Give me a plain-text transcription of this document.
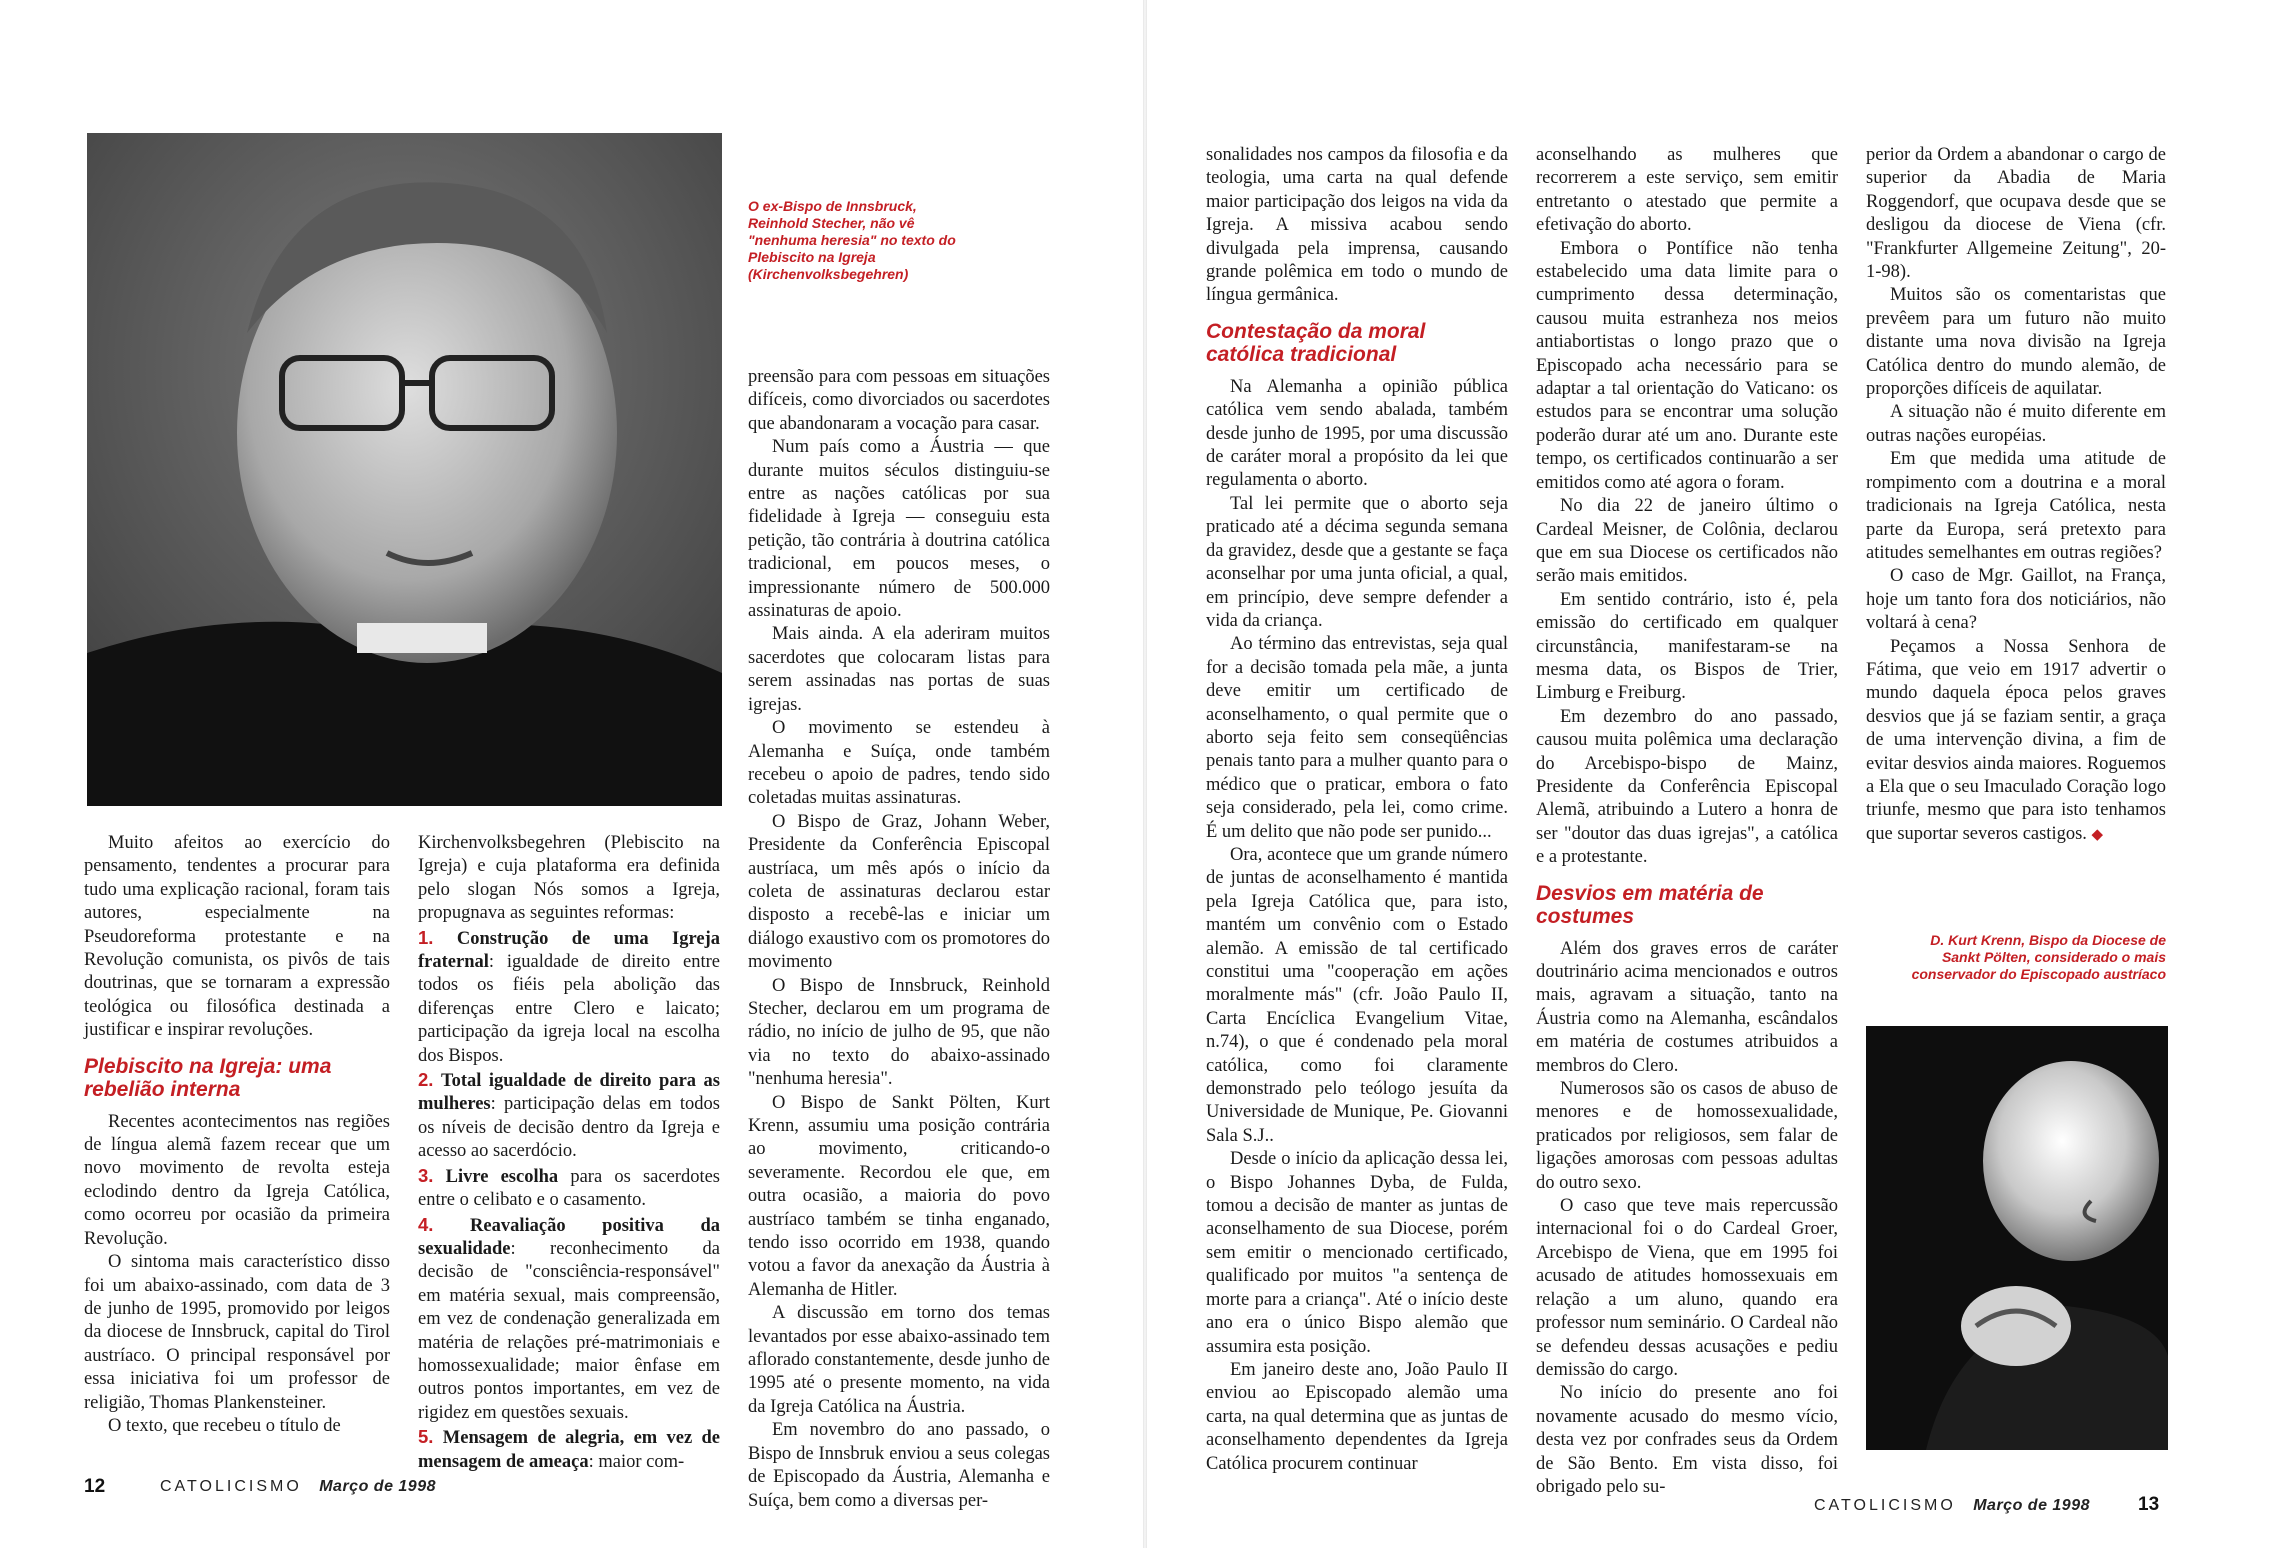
O ex-Bispo de Innsbruck, Reinhold Stecher, não vê "nenhuma heresia" no texto do Plebiscito na Igreja (Kirchenvolksbegehren)

Muito afeitos ao exercício do pensamento, tendentes a procurar para tudo uma explicação racional, foram tais autores, especialmente na Pseudoreforma protestante e na Revolução comunista, os pivôs de tais doutrinas, que se tornaram a expressão teológica ou filosófica destinada a justificar e inspirar revoluções.

Plebiscito na Igreja: uma rebelião interna

Recentes acontecimentos nas regiões de língua alemã fazem recear que um novo movimento de revolta esteja eclodindo dentro da Igreja Católica, como ocorreu por ocasião da primeira Revolução.

O sintoma mais característico disso foi um abaixo-assinado, com data de 3 de junho de 1995, promovido por leigos da diocese de Innsbruck, capital do Tirol austríaco. O principal responsável por essa iniciativa foi um professor de religião, Thomas Plankensteiner.

O texto, que recebeu o título de

Kirchenvolksbegehren (Plebiscito na Igreja) e cuja plataforma era definida pelo slogan Nós somos a Igreja, propugnava as seguintes reformas:

1. Construção de uma Igreja fraternal: igualdade de direito entre todos os fiéis pela abolição das diferenças entre Clero e laicato; participação da igreja local na escolha dos Bispos.

2. Total igualdade de direito para as mulheres: participação delas em todos os níveis de decisão dentro da Igreja e acesso ao sacerdócio.

3. Livre escolha para os sacerdotes entre o celibato e o casamento.

4. Reavaliação positiva da sexualidade: reconhecimento da decisão de "consciência-responsável" em matéria sexual, mais compreensão, em vez de condenação generalizada em matéria de relações pré-matrimoniais e homossexualidade; maior ênfase em outros pontos importantes, em vez de rigidez em questões sexuais.

5. Mensagem de alegria, em vez de mensagem de ameaça: maior com-

preensão para com pessoas em situações difíceis, como divorciados ou sacerdotes que abandonaram a vocação para casar.

Num país como a Áustria — que durante muitos séculos distinguiu-se entre as nações católicas por sua fidelidade à Igreja — conseguiu esta petição, tão contrária à doutrina católica tradicional, em poucos meses, o impressionante número de 500.000 assinaturas de apoio.

Mais ainda. A ela aderiram muitos sacerdotes que colocaram listas para serem assinadas nas portas de suas igrejas.

O movimento se estendeu à Alemanha e Suíça, onde também recebeu o apoio de padres, tendo sido coletadas muitas assinaturas.

O Bispo de Graz, Johann Weber, Presidente da Conferência Episcopal austríaca, um mês após o início da coleta de assinaturas declarou estar disposto a recebê-las e iniciar um diálogo exaustivo com os promotores do movimento

O Bispo de Innsbruck, Reinhold Stecher, declarou em um programa de rádio, no início de julho de 95, que não via no texto do abaixo-assinado "nenhuma heresia".

O Bispo de Sankt Pölten, Kurt Krenn, assumiu uma posição contrária ao movimento, criticando-o severamente. Recordou ele que, em outra ocasião, a maioria do povo austríaco também se tinha enganado, tendo isso ocorrido em 1938, quando votou a favor da anexação da Áustria à Alemanha de Hitler.

A discussão em torno dos temas levantados por esse abaixo-assinado tem aflorado constantemente, desde junho de 1995 até o presente momento, na vida da Igreja Católica na Áustria.

Em novembro do ano passado, o Bispo de Innsbruk enviou a seus colegas de Episcopado da Áustria, Alemanha e Suíça, bem como a diversas per-

12	CATOLICISMO Março de 1998

sonalidades nos campos da filosofia e da teologia, uma carta na qual defende maior participação dos leigos na vida da Igreja. A missiva acabou sendo divulgada pela imprensa, causando grande polêmica em todo o mundo de língua germânica.

Contestação da moral católica tradicional

Na Alemanha a opinião pública católica vem sendo abalada, também desde junho de 1995, por uma discussão de caráter moral a propósito da lei que regulamenta o aborto.

Tal lei permite que o aborto seja praticado até a décima segunda semana da gravidez, desde que a gestante se faça aconselhar por uma junta oficial, a qual, em princípio, deve sempre defender a vida da criança.

Ao término das entrevistas, seja qual for a decisão tomada pela mãe, a junta deve emitir um certificado de aconselhamento, o qual permite que o aborto seja feito sem conseqüências penais tanto para a mulher quanto para o médico que o praticar, embora o fato seja considerado, pela lei, como crime. É um delito que não pode ser punido...

Ora, acontece que um grande número de juntas de aconselhamento é mantida pela Igreja Católica que, para isto, mantém um convênio com o Estado alemão. A emissão de tal certificado constitui uma "cooperação em ações moralmente más" (cfr. João Paulo II, Carta Encíclica Evangelium Vitae, n.74), o que é condenado pela moral católica, como foi claramente demonstrado pelo teólogo jesuíta da Universidade de Munique, Pe. Giovanni Sala S.J..

Desde o início da aplicação dessa lei, o Bispo Johannes Dyba, de Fulda, tomou a decisão de manter as juntas de aconselhamento de sua Diocese, porém sem emitir o mencionado certificado, qualificado por muitos "a sentença de morte para a criança". Até o início deste ano era o único Bispo alemão que assumira esta posição.

Em janeiro deste ano, João Paulo II enviou ao Episcopado alemão uma carta, na qual determina que as juntas de aconselhamento dependentes da Igreja Católica procurem continuar

aconselhando as mulheres que recorrerem a este serviço, sem emitir entretanto o atestado que permite a efetivação do aborto.

Embora o Pontífice não tenha estabelecido uma data limite para o cumprimento dessa determinação, causou muita estranheza nos meios antiabortistas o longo prazo que o Episcopado acha necessário para se adaptar a tal orientação do Vaticano: os estudos para se encontrar uma solução poderão durar até um ano. Durante este tempo, os certificados continuarão a ser emitidos como até agora o foram.

No dia 22 de janeiro último o Cardeal Meisner, de Colônia, declarou que em sua Diocese os certificados não serão mais emitidos.

Em sentido contrário, isto é, pela emissão do certificado em qualquer circunstância, manifestaram-se na mesma data, os Bispos de Trier, Limburg e Freiburg.

Em dezembro do ano passado, causou muita polêmica uma declaração do Arcebispo-bispo de Mainz, Presidente da Conferência Episcopal Alemã, atribuindo a Lutero a honra de ser "doutor das duas igrejas", a católica e a protestante.

Desvios em matéria de costumes

Além dos graves erros de caráter doutrinário acima mencionados e outros mais, agravam a situação, tanto na Áustria como na Alemanha, escândalos em matéria de costumes atribuidos a membros do Clero.

Numerosos são os casos de abuso de menores e de homossexualidade, praticados por religiosos, sem falar de ligações amorosas com pessoas adultas do outro sexo.

O caso que teve mais repercussão internacional foi o do Cardeal Groer, Arcebispo de Viena, que em 1995 foi acusado de atitudes homossexuais em relação a um aluno, quando era professor num seminário. O Cardeal não se defendeu dessas acusações e pediu demissão do cargo.

No início do presente ano foi novamente acusado do mesmo vício, desta vez por confrades seus da Ordem de São Bento. Em vista disso, foi obrigado pelo su-

perior da Ordem a abandonar o cargo de superior da Abadia de Maria Roggendorf, que ocupava desde que se desligou da diocese de Viena (cfr. "Frankfurter Allgemeine Zeitung", 20-1-98).

Muitos são os comentaristas que prevêem para um futuro não muito distante uma nova divisão na Igreja Católica dentro do mundo alemão, de proporções difíceis de aquilatar.

A situação não é muito diferente em outras nações européias.

Em que medida uma atitude de rompimento com a doutrina e a moral tradicionais na Igreja Católica, nesta parte da Europa, será pretexto para atitudes semelhantes em outras regiões?

O caso de Mgr. Gaillot, na França, hoje um tanto fora dos noticiários, não voltará à cena?

Peçamos a Nossa Senhora de Fátima, que veio em 1917 advertir o mundo daquela época pelos graves desvios que já se faziam sentir, a graça de uma intervenção divina, a fim de evitar desvios ainda maiores. Roguemos a Ela que o seu Imaculado Coração logo triunfe, mesmo que para isto tenhamos que suportar severos castigos. ◆

D. Kurt Krenn, Bispo da Diocese de Sankt Pölten, considerado o mais conservador do Episcopado austríaco
CATOLICISMO Março de 1998	13
